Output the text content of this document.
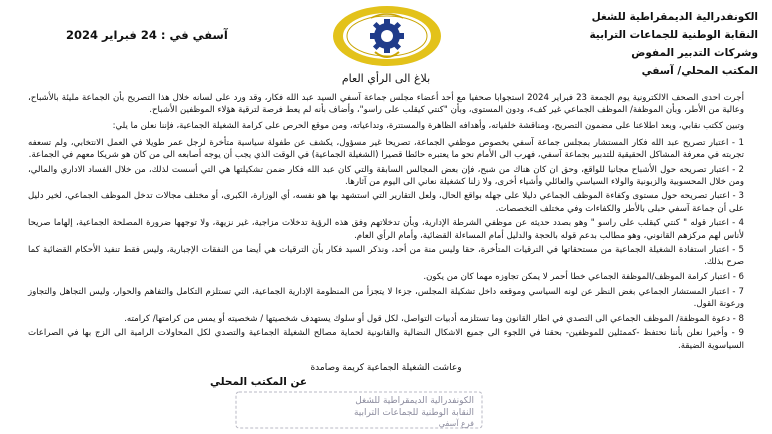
الكونفدرالية الديمقراطية للشغل
النقابة الوطنية للجماعات الترابية
وشركات التدبير المفوض
المكتب المحلي/ آسفي
آسفي في : 24 فبراير 2024
بلاغ الى الرأي العام

أجرت احدى الصحف الالكترونية يوم الجمعة 23 فبراير 2024 استجوابا صحفيا مع أحد أعضاء مجلس جماعة آسفي السيد عبد الله فكار، وقد ورد على لسانه خلال هذا التصريح بأن الجماعة مليئة بالأشباح، وعالية من الأطر، وبأن الموظفة/ الموظف الجماعي غير كفء، ودون المستوى، وبأن "كنتي كيقلب على راسو"، وأضاف بأنه لم يعط فرصة لترقية هؤلاء الموظفين الأشباح.

وتبين ككتب نقابي، وبعد اطلاعنا على مضمون التصريح، ومناقشة خلفياته، وأهدافه الظاهرة والمستترة، وتداعياته، ومن موقع الحرص على كرامة الشغيلة الجماعية، فإننا نعلن ما يلي:

1 - اعتبار تصريح عبد الله فكار المستشار بمجلس جماعة آسفي بخصوص موظفي الجماعة، تصريحا غير مسؤول، يكشف عن طفولة سياسية متأخرة لرجل عمر طويلا في العمل الانتخابي، ولم تسعفه تجربته في معرفة المشاكل الحقيقية للتدبير بجماعة آسفي، فهرب الى الأمام نحو ما يعتبره حائطا قصيرا (الشغيلة الجماعية) في الوقت الذي يجب أن يوجه أصابعه الى من كان هو شريكا معهم في الجماعة.

2 - اعتبار تصريحه حول الأشباح مجانبا للواقع، وحق ان كان هناك من شبح، فإن بعض المجالس السابقة والتي كان عبد الله فكار ضمن تشكيلتها هي التي أسست لذلك، من خلال الفساد الاداري والمالي، ومن خلال المحسوبية والزبونية والولاء السياسي والعائلي وأشياء أخرى، ولا زلنا كشغيلة نعاني الى اليوم من آثارها.

3 - اعتبار تصريحه حول مستوى وكفاءة الموظف الجماعي دليلا على جهله بواقع الحال، ولعل التقارير التي استشهد بها هو نفسه، أي الوزارة، الكبرى، أو مختلف مجالات تدخل الموظف الجماعي، لخير دليل على أن جماعة آسفي حبلى بالأطر والكفاءات وفي مختلف التخصصات.

4 - اعتبار قوله " كنتي كيقلب على راسو " وهو بصدد حديثه عن موظفي الشرطة الإدارية، وبأن تدخلاتهم وفق هذه الرؤية تدخلات مزاجية، غير نزيهة، ولا توجهها ضرورة المصلحة الجماعية، إلهاما صريحا لأناس لهم مركزهم القانوني، وهو مطالب بدعم قوله بالحجة والدليل أمام المساءلة القضائية، وأمام الرأي العام.

5 - اعتبار استفادة الشغيلة الجماعية من مستحقاتها في الترقيات المتأخرة، حقا وليس منة من أحد، ونذكر السيد فكار بأن الترقيات هي أيضا من النفقات الإجبارية، وليس فقط تنفيذ الأحكام القضائية كما صرح بذلك.

6 - اعتبار كرامة الموظف/الموظفة الجماعي خطا أحمر لا يمكن تجاوزه مهما كان من يكون.

7 - اعتبار المستشار الجماعي بغض النظر عن لونه السياسي وموقعه داخل تشكيلة المجلس، جزءا لا يتجزأ من المنظومة الإدارية الجماعية، التي تستلزم التكامل والتفاهم والحوار، وليس التجاهل والتجاوز ورعونة القول.

8 - دعوة الموظفة/ الموظف الجماعي الى التصدي في اطار القانون وما تستلزمه أدبيات التواصل، لكل قول أو سلوك يستهدف شخصيتها / شخصيته أو يمس من كرامتها/ كرامته.

9 - وأخيرا نعلن بأننا نحتفظ -كممثلين للموظفين- بحقنا في اللجوء الى جميع الاشكال النضالية والقانونية لحماية مصالح الشغيلة الجماعية والتصدي لكل المحاولات الرامية الى الزج بها في الصراعات السياسوية الضيقة.

وعاشت الشغيلة الجماعية كريمة وصامدة
عن المكتب المحلي
الكونفدرالية الديمقراطية للشغل
النقابة الوطنية للجماعات الترابية
فرع آسفي
